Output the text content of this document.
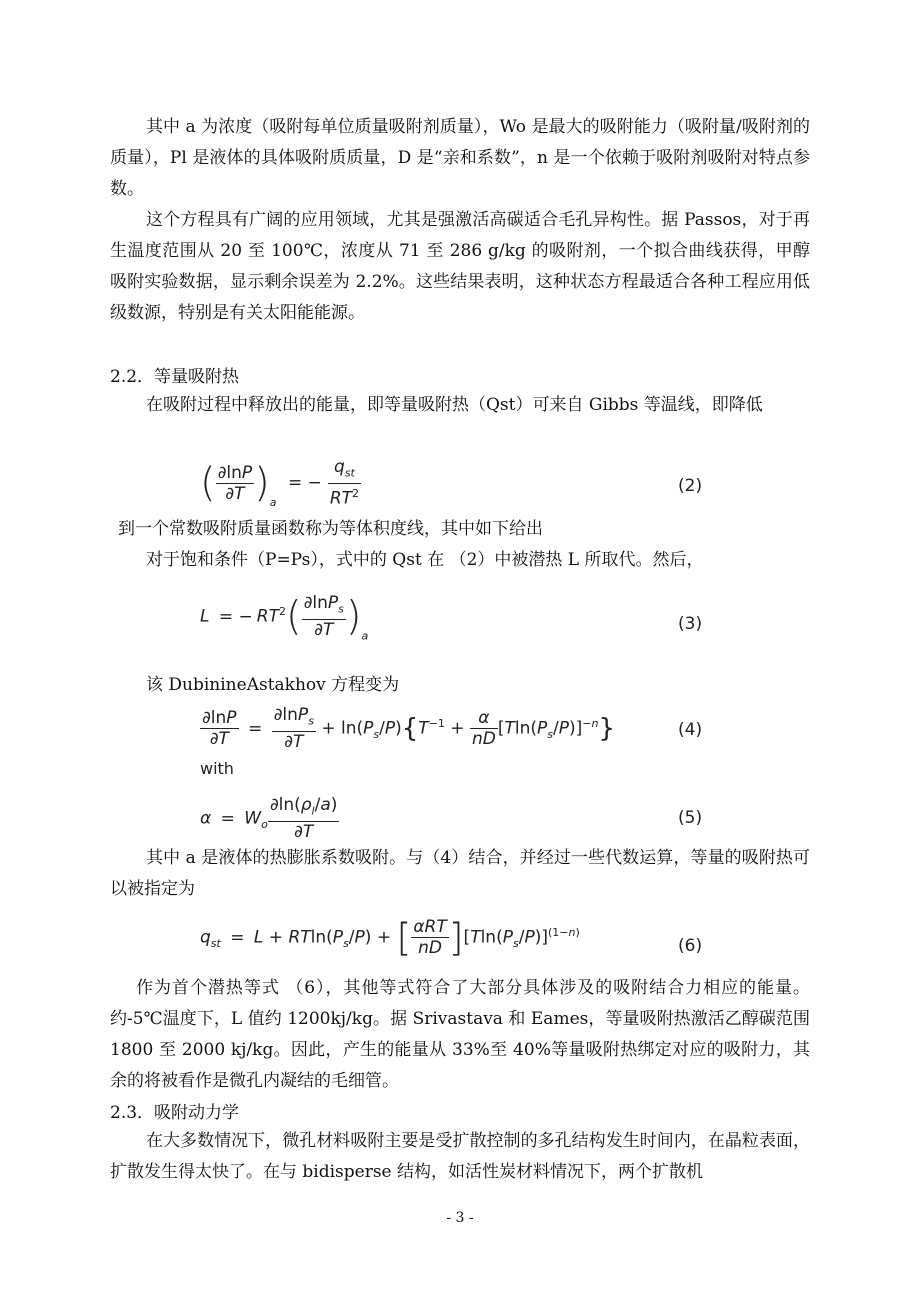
其中 a 为浓度（吸附每单位质量吸附剂质量），Wo 是最大的吸附能力（吸附量/吸附剂的质量），Pl 是液体的具体吸附质质量，D 是“亲和系数”，n 是一个依赖于吸附剂吸附对特点参数。

这个方程具有广阔的应用领域，尤其是强激活高碳适合毛孔异构性。据 Passos，对于再生温度范围从 20 至 100℃，浓度从 71 至 286 g/kg 的吸附剂，一个拟合曲线获得，甲醇吸附实验数据，显示剩余误差为 2.2%。这些结果表明，这种状态方程最适合各种工程应用低级数源，特别是有关太阳能能源。

2.2．等量吸附热

在吸附过程中释放出的能量，即等量吸附热（Qst）可来自 Gibbs 等温线，即降低

( $\frac{\partial\ln P}{\partial T} )_a$ = − $\frac{q_{st}}{RT^2}$	(2)

到一个常数吸附质量函数称为等体积度线，其中如下给出

对于饱和条件（P=Ps），式中的 Qst 在 （2）中被潜热 L 所取代。然后，

L = − $RT^2( \frac{\partial\ln P_s}{\partial T} )_a$
(3)

该 DubinineAstakhov 方程变为

$\frac{\partial\ln P}{\partial T} = \frac{\partial\ln P_s}{\partial T} + \ln(P_s/P)\{T^{-1} + \frac{\alpha}{nD} [Tln(P_s/P)]^{-n}\}$	(4)
with
$\alpha = W_o \frac{\partial\ln(\rho_l/a)}{\partial T}$	(5)

其中 a 是液体的热膨胀系数吸附。与（4）结合，并经过一些代数运算，等量的吸附热可以被指定为

$q_{st} = L + RTln(P_s/P)$ + [ $\frac{\text{αRT}}{nD} ][Tln(P_s/P)]^{(1-n)}$
(6)

作为首个潜热等式 （6），其他等式符合了大部分具体涉及的吸附结合力相应的能量。约-5℃温度下，L 值约 1200kj/kg。据 Srivastava 和 Eames，等量吸附热激活乙醇碳范围 1800 至 2000 kj/kg。因此，产生的能量从 33%至 40%等量吸附热绑定对应的吸附力，其余的将被看作是微孔内凝结的毛细管。

2.3．吸附动力学

在大多数情况下，微孔材料吸附主要是受扩散控制的多孔结构发生时间内，在晶粒表面，扩散发生得太快了。在与 bidisperse 结构，如活性炭材料情况下，两个扩散机

- 3 -
